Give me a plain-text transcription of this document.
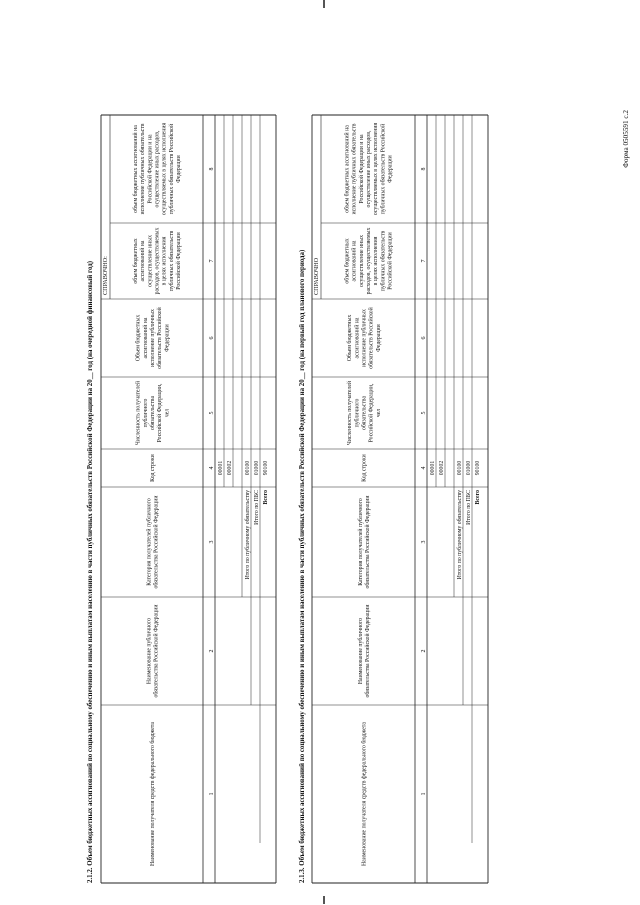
Форма 0505591 с.2
2.1.2. Объем бюджетных ассигнований по социальному обеспечению и иным выплатам населению в части публичных обязательств Российской Федерации на 20__ год (на очередной финансовый год) СПРАВОЧНО:
Наименование получателя средств федерального бюджета
Наименование публичногообязательства Российской Федерации
Категория получателей публичногообязательства Российской Федерации
Код строки
Численность получателейпубличногообязательстваРоссийской Федерации,чел
Объем бюджетныхассигнований наисполнение публичныхобязательств РоссийскойФедерации
объем бюджетныхассигнований наосуществление иныхрасходов, осуществляемыхв целях исполненияпубличных обязательствРоссийской Федерации
объем бюджетных ассигнований наисполнение публичных обязательствРоссийской Федерации и наосуществление иных расходов,осуществляемых в целях исполненияпубличных обязательств РоссийскойФедерации
1
2
3
4
5
6
7
8
00001 00002
Итого по публичному обязательству
00100
Итого по ПБС
01000
Всего
90100	2.1.3. Объем бюджетных ассигнований по социальному обеспечению и иным выплатам населению в части публичных обязательств Российской Федерации на 20__ год (на первый год планового периода) СПРАВОЧНО
Наименование получателя средств федерального бюджета
Наименование публичногообязательства Российской Федерации
Категория получателей публичногообязательства Российской Федерации
Код строки
Численность получателейпубличногообязательстваРоссийской Федерации,чел
Объем бюджетныхассигнований наисполнение публичныхобязательств РоссийскойФедерации
объем бюджетныхассигнований наосуществление иныхрасходов, осуществляемыхв целях исполненияпубличных обязательствРоссийской Федерации
объем бюджетных ассигнований наисполнение публичных обязательствРоссийской Федерации и наосуществление иных расходов,осуществляемых в целях исполненияпубличных обязательств РоссийскойФедерации
1
2
3
4
5
6
7
8
00001 00002
Итого по публичному обязательству
00100
Итого по ПБС
01000
Всего
90100
